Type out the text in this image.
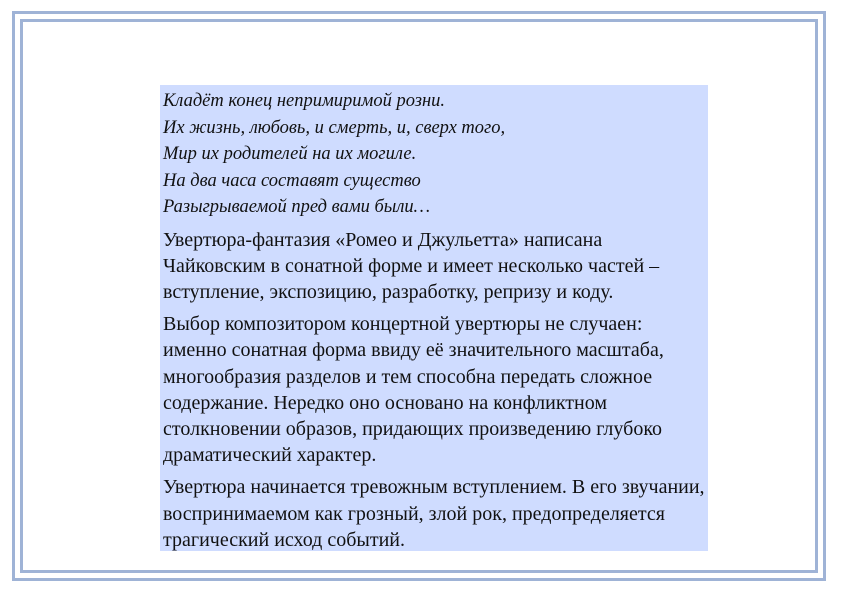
Кладёт конец непримиримой розни.

Их жизнь, любовь, и смерть, и, сверх того,

Мир их родителей на их могиле.

На два часа составят существо

Разыгрываемой пред вами были…

Увертюра-фантазия «Ромео и Джульетта» написана Чайковским в сонатной форме и имеет несколько частей – вступление, экспозицию, разработку, репризу и коду.

Выбор композитором концертной увертюры не случаен: именно сонатная форма ввиду её значительного масштаба, многообразия разделов и тем способна передать сложное содержание. Нередко оно основано на конфликтном столкновении образов, придающих произведению глубоко драматический характер.

Увертюра начинается тревожным вступлением. В его звучании, воспринимаемом как грозный, злой рок, предопределяется трагический исход событий.
